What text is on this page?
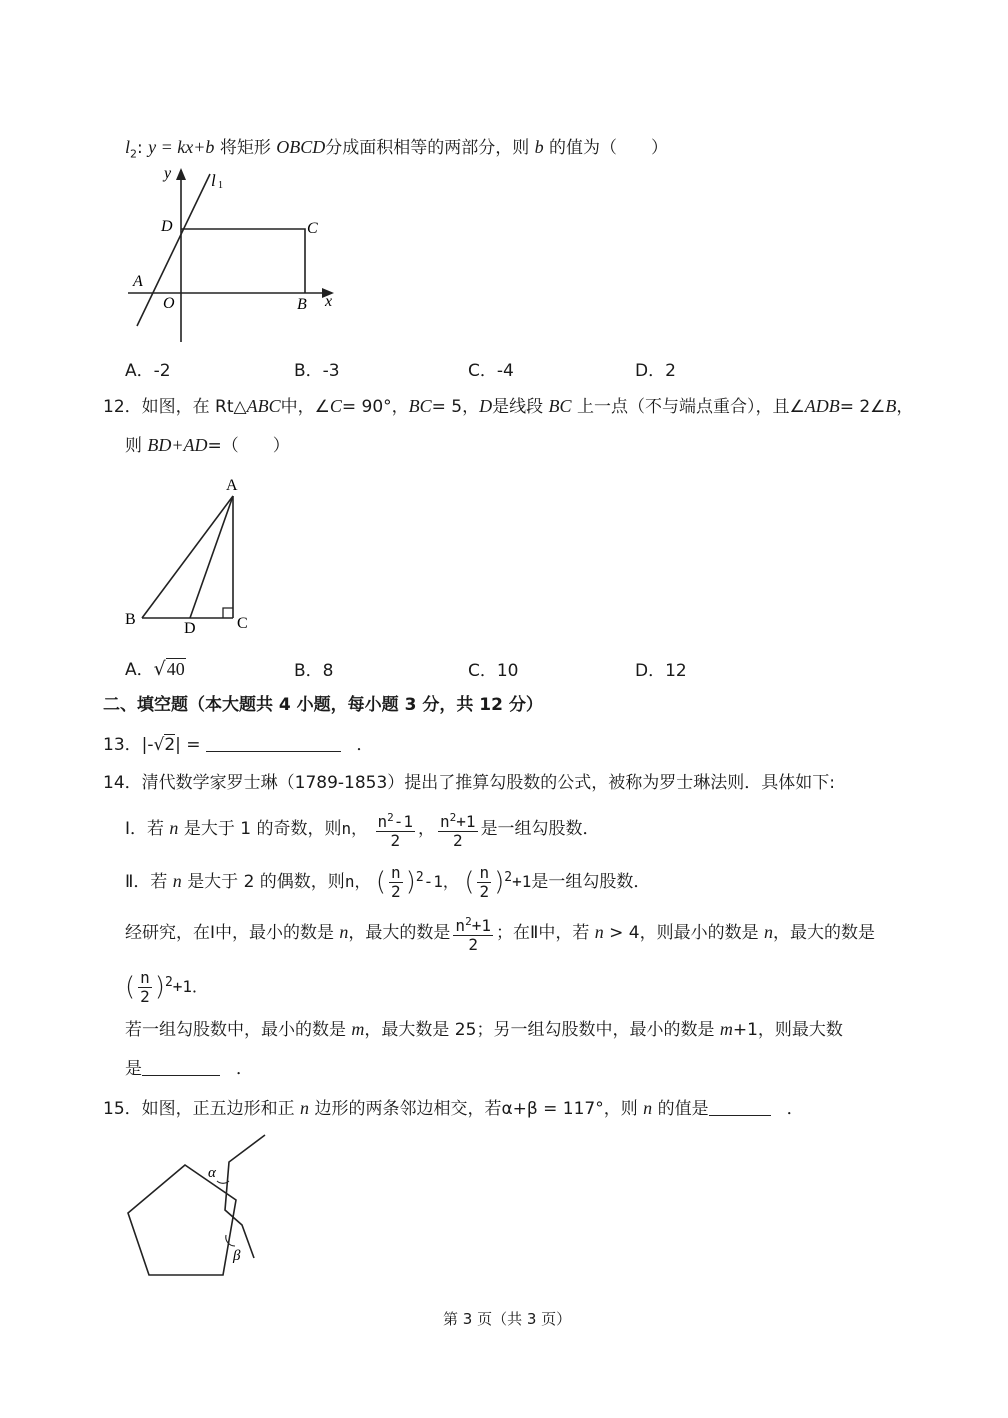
$l_2$: y = kx+b 将矩形 OBCD分成面积相等的两部分，则 b 的值为（　　）
y l 1
D	C
A
O	B x
A．-2	B．-3	C．-4	D．2
12．如图，在 Rt△ABC中，∠C= 90°，BC= 5，D是线段 BC 上一点（不与端点重合），且∠ADB= 2∠B，
则 BD+AD=（　　）
A
B
D	C
A．√40	B．8	C．10	D．12
二、填空题（本大题共 4 小题，每小题 3 分，共 12 分）
13．|-√2| =	．
14．清代数学家罗士琳（1789-1853）提出了推算勾股数的公式，被称为罗士琳法则．具体如下:
Ⅰ．若 n 是大于 1 的奇数，则n， $\frac{n^2-1}{2}$ ， $\frac{n^2+1}{2}$ 是一组勾股数．
Ⅱ．若 n 是大于 2 的偶数，则n， ( $\frac{n}{2} )^2-1$， ( $\frac{n}{2} )^2+1$是一组勾股数．
经研究，在Ⅰ中，最小的数是 n，最大的数是 $\frac{n^2+1}{2}$ ；在Ⅱ中，若 n > 4，则最小的数是 n，最大的数是
( $\frac{n}{2} )^2+1$．
若一组勾股数中，最小的数是 m，最大数是 25；另一组勾股数中，最小的数是 m+1，则最大数
是	．
15．如图，正五边形和正 n 边形的两条邻边相交，若α+β = 117°，则 n 的值是	．
α
β
第 3 页（共 3 页）
